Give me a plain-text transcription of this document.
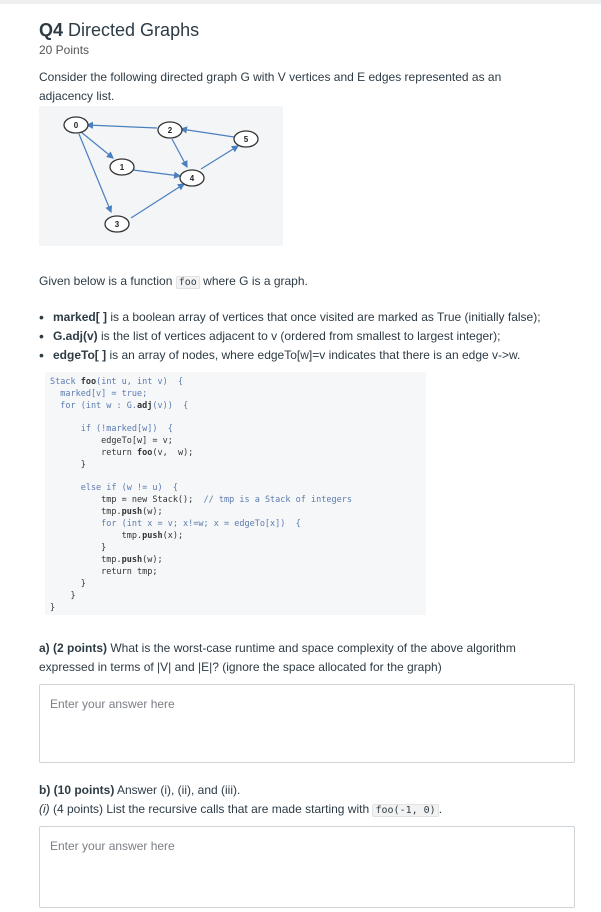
Q4 Directed Graphs
20 Points
Consider the following directed graph G with V vertices and E edges represented as an
adjacency list.
0
2
5
1
4
3
Given below is a function foo where G is a graph.
• marked[ ] is a boolean array of vertices that once visited are marked as True (initially false);
• G.adj(v) is the list of vertices adjacent to v (ordered from smallest to largest integer);
• edgeTo[ ] is an array of nodes, where edgeTo[w]=v indicates that there is an edge v->w.
Stack foo(int u, int v)  {
marked[v] = true;
for (int w : G.adj(v))  {
if (!marked[w])  {
edgeTo[w] = v;
return foo(v,  w);
}
else if (w != u)  {
tmp = new Stack();  // tmp is a Stack of integers
tmp.push(w);
for (int x = v; x!=w; x = edgeTo[x])  {
tmp.push(x);
}
tmp.push(w);
return tmp;
}
}
}
a) (2 points) What is the worst-case runtime and space complexity of the above algorithm
expressed in terms of |V| and |E|? (ignore the space allocated for the graph)
Enter your answer here
b) (10 points) Answer (i), (ii), and (iii).
(i) (4 points) List the recursive calls that are made starting with foo(-1, 0) .
Enter your answer here
